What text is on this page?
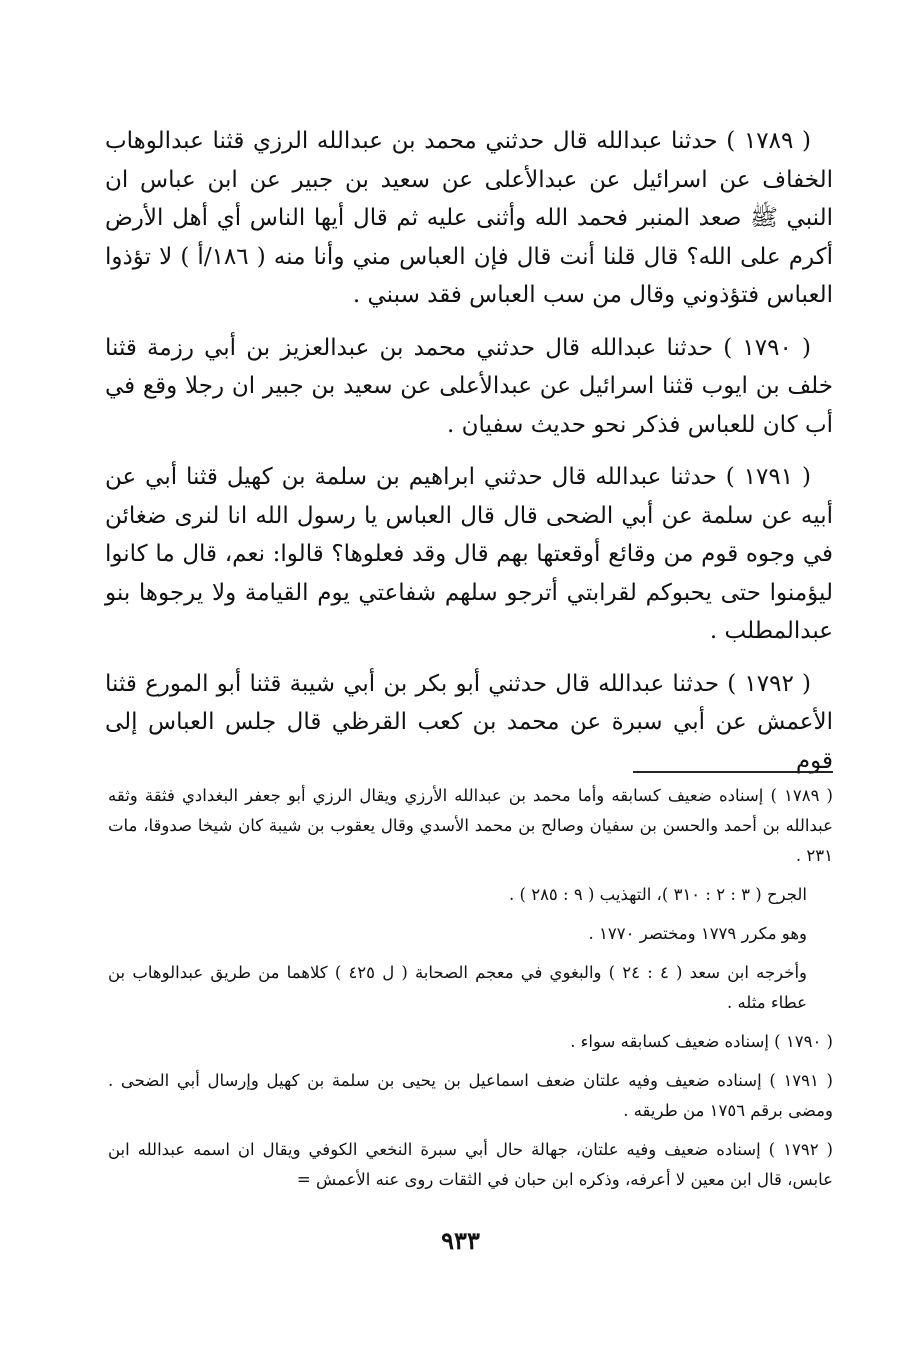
( ١٧٨٩ ) حدثنا عبدالله قال حدثني محمد بن عبدالله الرزي قثنا عبدالوهاب الخفاف عن اسرائيل عن عبدالأعلى عن سعيد بن جبير عن ابن عباس ان النبي ﷺ صعد المنبر فحمد الله وأثنى عليه ثم قال أيها الناس أي أهل الأرض أكرم على الله؟ قال قلنا أنت قال فإن العباس مني وأنا منه ( ١٨٦/أ ) لا تؤذوا العباس فتؤذوني وقال من سب العباس فقد سبني .

( ١٧٩٠ ) حدثنا عبدالله قال حدثني محمد بن عبدالعزيز بن أبي رزمة قثنا خلف بن ايوب قثنا اسرائيل عن عبدالأعلى عن سعيد بن جبير ان رجلا وقع في أب كان للعباس فذكر نحو حديث سفيان .

( ١٧٩١ ) حدثنا عبدالله قال حدثني ابراهيم بن سلمة بن كهيل قثنا أبي عن أبيه عن سلمة عن أبي الضحى قال قال العباس يا رسول الله انا لنرى ضغائن في وجوه قوم من وقائع أوقعتها بهم قال وقد فعلوها؟ قالوا: نعم، قال ما كانوا ليؤمنوا حتى يحبوكم لقرابتي أترجو سلهم شفاعتي يوم القيامة ولا يرجوها بنو عبدالمطلب .

( ١٧٩٢ ) حدثنا عبدالله قال حدثني أبو بكر بن أبي شيبة قثنا أبو المورع قثنا الأعمش عن أبي سبرة عن محمد بن كعب القرظي قال جلس العباس إلى قوم

( ١٧٨٩ ) إسناده ضعيف كسابقه وأما محمد بن عبدالله الأرزي ويقال الرزي أبو جعفر البغدادي فثقة وثقه عبدالله بن أحمد والحسن بن سفيان وصالح بن محمد الأسدي وقال يعقوب بن شيبة كان شيخا صدوقا، مات ٢٣١ .

الجرح ( ٣ : ٢ : ٣١٠ )، التهذيب ( ٩ : ٢٨٥ ) .

وهو مكرر ١٧٧٩ ومختصر ١٧٧٠ .

وأخرجه ابن سعد ( ٤ : ٢٤ ) والبغوي في معجم الصحابة ( ل ٤٢٥ ) كلاهما من طريق عبدالوهاب بن عطاء مثله .

( ١٧٩٠ ) إسناده ضعيف كسابقه سواء .

( ١٧٩١ ) إسناده ضعيف وفيه علتان ضعف اسماعيل بن يحيى بن سلمة بن كهيل وإرسال أبي الضحى . ومضى برقم ١٧٥٦ من طريقه .

( ١٧٩٢ ) إسناده ضعيف وفيه علتان، جهالة حال أبي سبرة النخعي الكوفي ويقال ان اسمه عبدالله ابن عابس، قال ابن معين لا أعرفه، وذكره ابن حبان في الثقات روى عنه الأعمش =

٩٣٣
